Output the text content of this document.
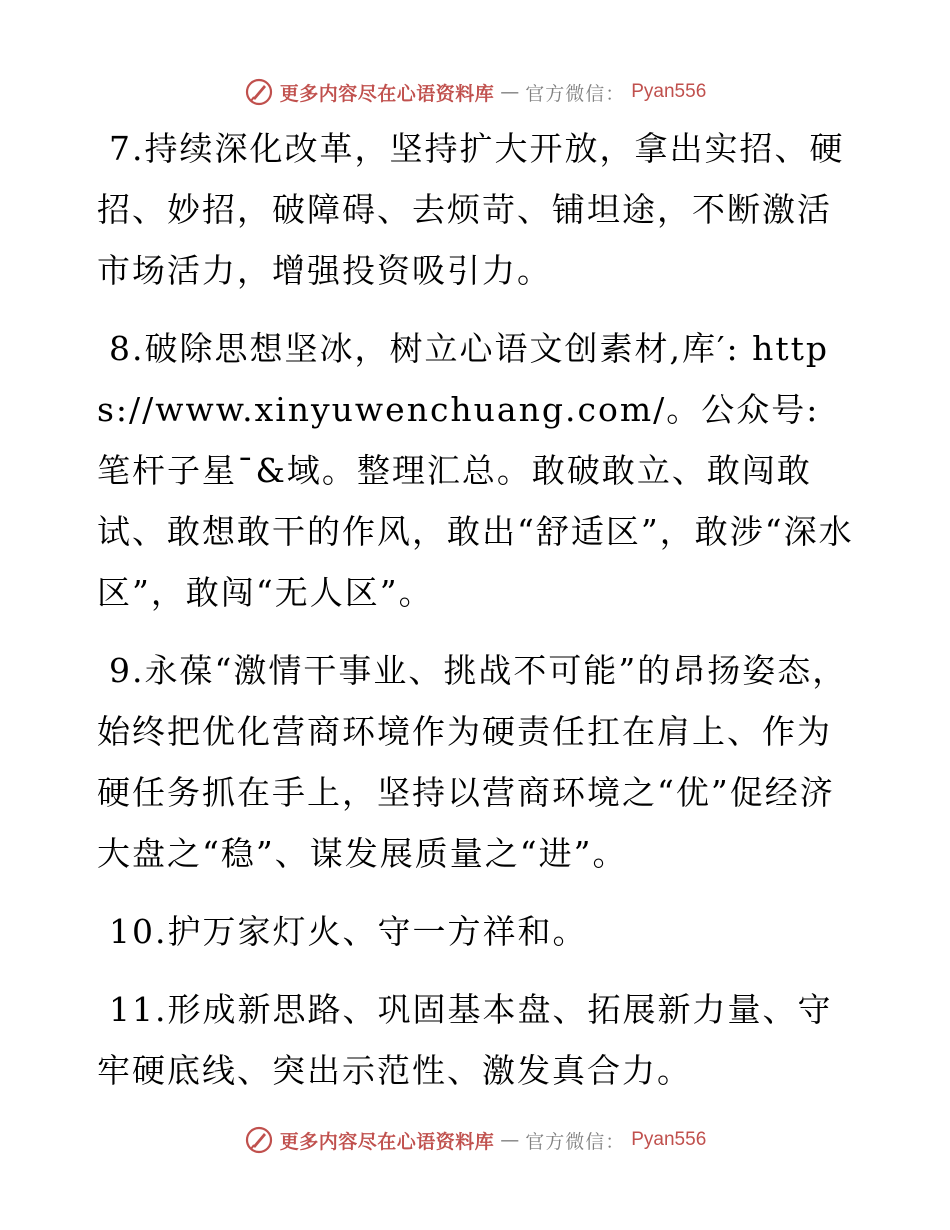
更多内容尽在心语资料库 — 官方微信： Pyan556

7.持续深化改革，坚持扩大开放，拿出实招、硬招、妙招，破障碍、去烦苛、铺坦途，不断激活市场活力，增强投资吸引力。

8.破除思想坚冰，树立心语文创素材,库′: https://www.xinyuwenchuang.com/。公众号: 笔杆子星¯&域。整理汇总。敢破敢立、敢闯敢试、敢想敢干的作风，敢出“舒适区”，敢涉“深水区”，敢闯“无人区”。

9.永葆“激情干事业、挑战不可能”的昂扬姿态，始终把优化营商环境作为硬责任扛在肩上、作为硬任务抓在手上，坚持以营商环境之“优”促经济大盘之“稳”、谋发展质量之“进”。

10.护万家灯火、守一方祥和。

11.形成新思路、巩固基本盘、拓展新力量、守牢硬底线、突出示范性、激发真合力。

更多内容尽在心语资料库 — 官方微信： Pyan556
